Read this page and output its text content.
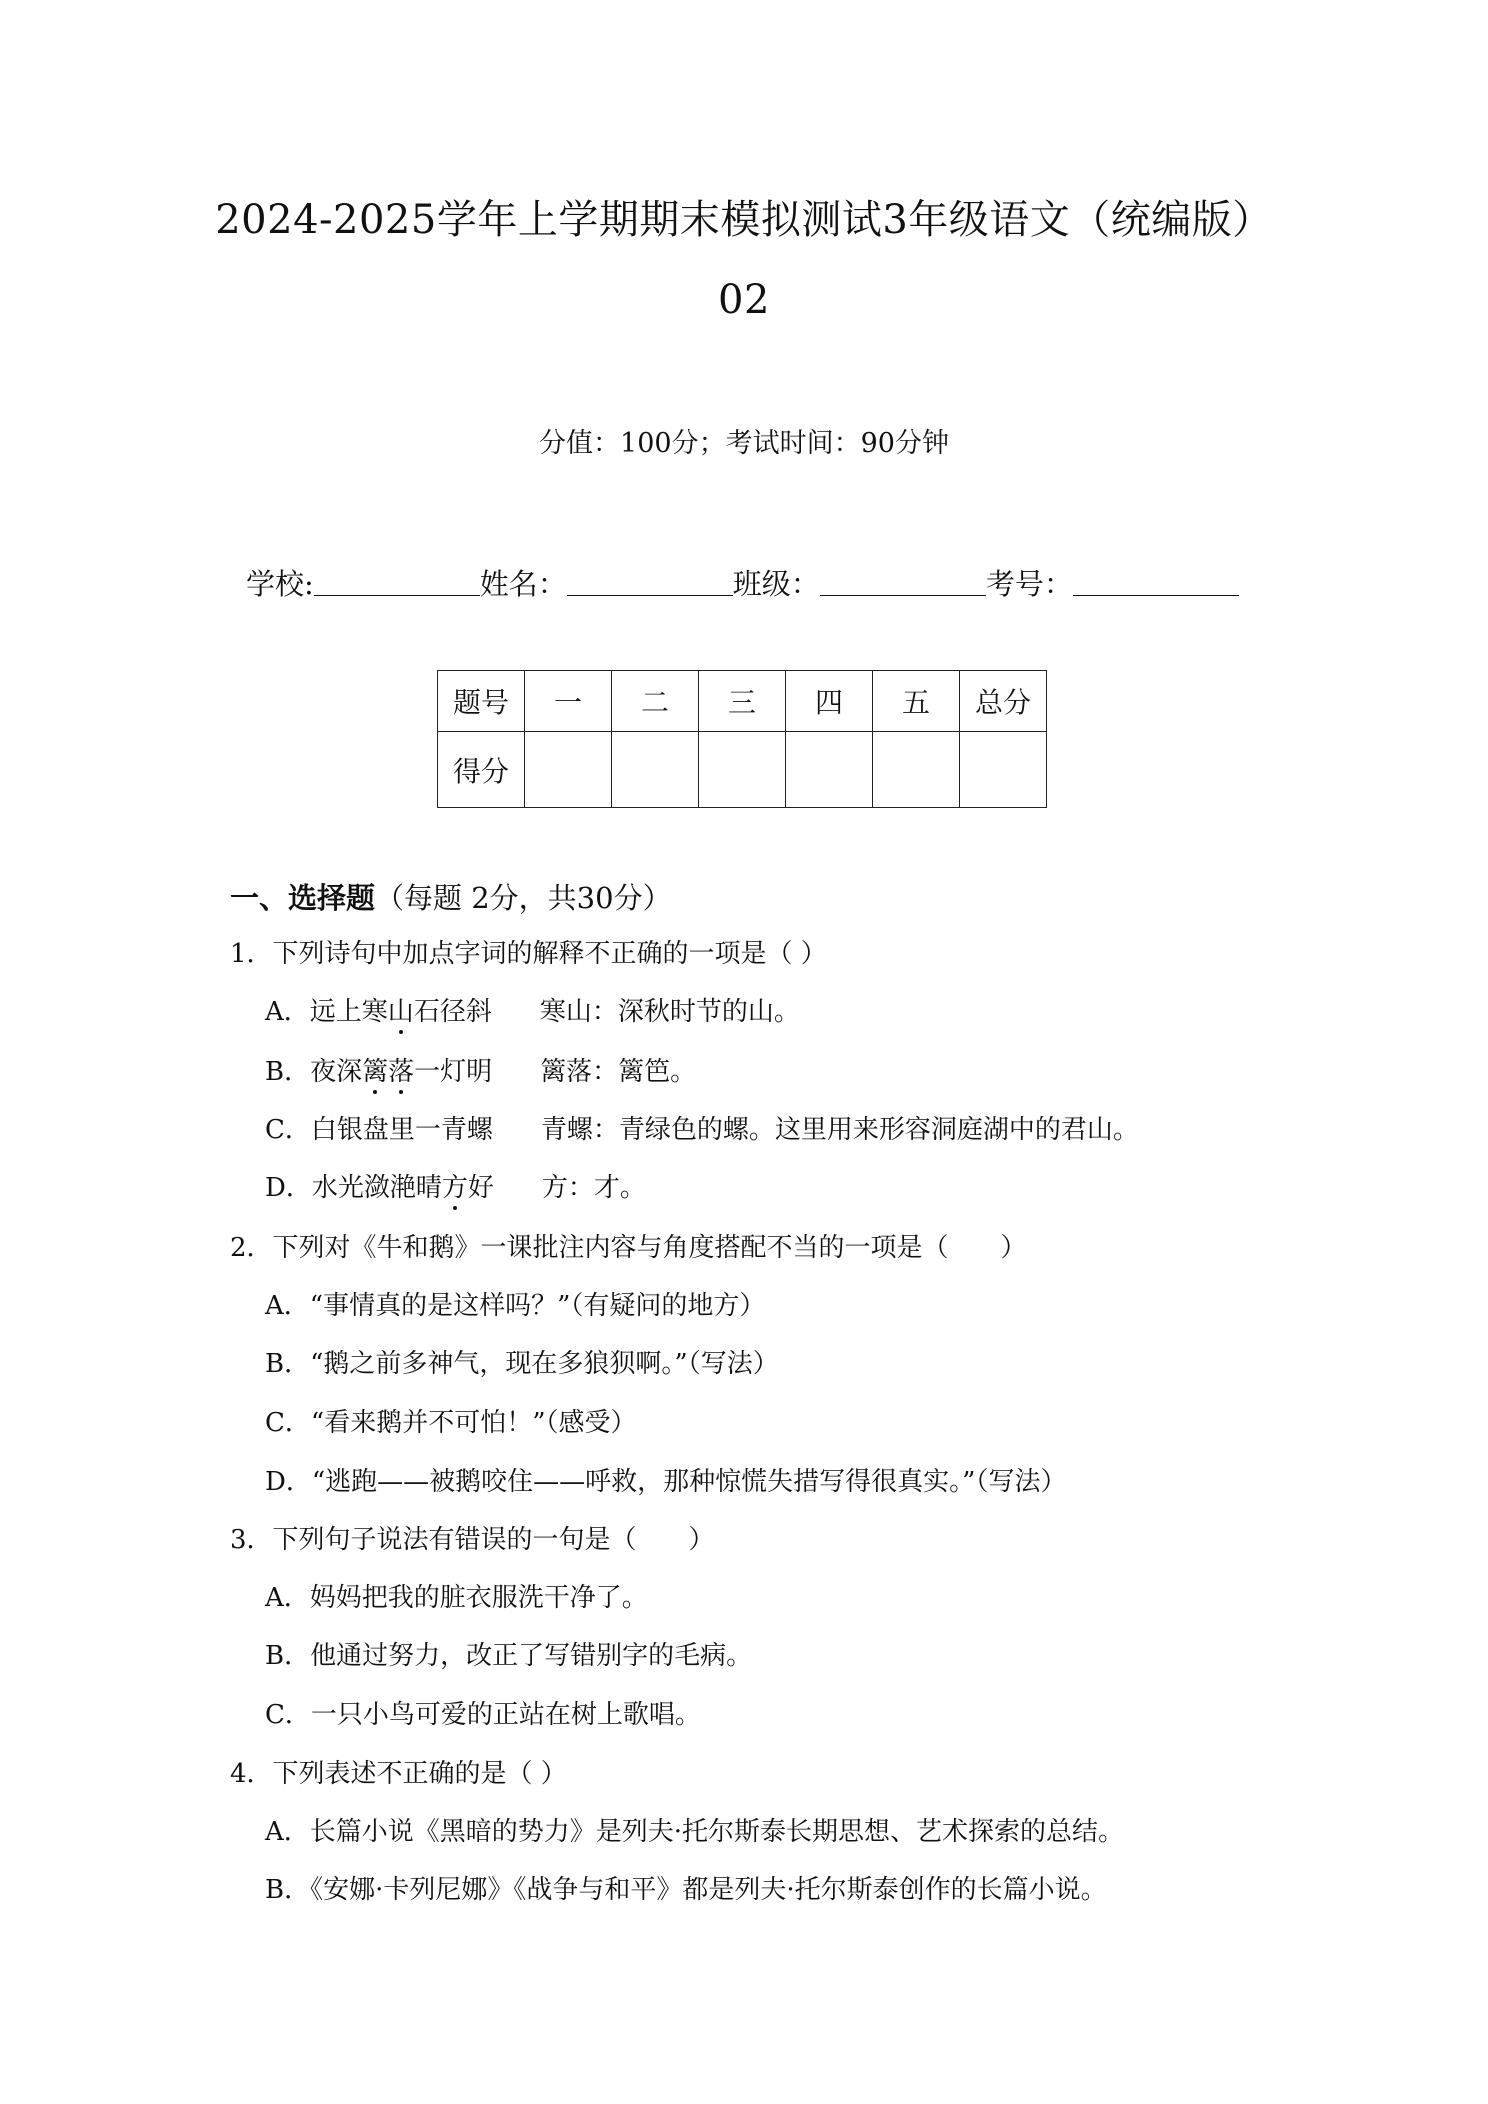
2024-2025学年上学期期末模拟测试3年级语文（统编版）
02
分值：100分；考试时间：90分钟
学校:	姓名：	班级：	考号：
题号	一	二	三	四	五	总分
得分						
一、选择题（每题 2分，共30分）
1．下列诗句中加点字词的解释不正确的一项是（ ）
A．远上寒山石径斜 寒山：深秋时节的山。
B．夜深篱落一灯明 篱落：篱笆。
C．白银盘里一青螺 青螺：青绿色的螺。这里用来形容洞庭湖中的君山。
D．水光潋滟晴方好 方：才。
2．下列对《牛和鹅》一课批注内容与角度搭配不当的一项是（　　）
A．“事情真的是这样吗？”（有疑问的地方）
B．“鹅之前多神气，现在多狼狈啊。”（写法）
C．“看来鹅并不可怕！”（感受）
D．“逃跑——被鹅咬住——呼救，那种惊慌失措写得很真实。”（写法）
3．下列句子说法有错误的一句是（　　）
A．妈妈把我的脏衣服洗干净了。
B．他通过努力，改正了写错别字的毛病。
C．一只小鸟可爱的正站在树上歌唱。
4．下列表述不正确的是（ ）
A．长篇小说《黑暗的势力》是列夫·托尔斯泰长期思想、艺术探索的总结。
B．《安娜·卡列尼娜》《战争与和平》都是列夫·托尔斯泰创作的长篇小说。
